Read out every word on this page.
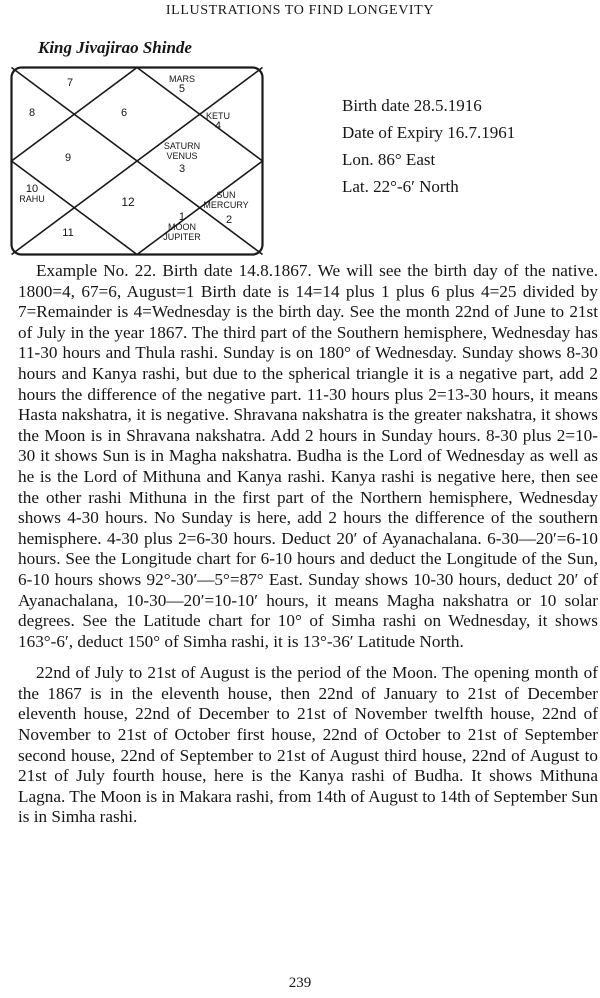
ILLUSTRATIONS TO FIND LONGEVITY
King Jivajirao Shinde
7	MARS
5
8	6	KETU
4
9
SATURN
VENUS
3
10
RAHU	12	SUN
MERCURY
2
11
1
MOON
JUPITER
Birth date 28.5.1916
Date of Expiry 16.7.1961
Lon. 86° East
Lat. 22°-6′ North

Example No. 22. Birth date 14.8.1867. We will see the birth day of the native. 1800=4, 67=6, August=1 Birth date is 14=14 plus 1 plus 6 plus 4=25 divided by 7=Remainder is 4=Wednesday is the birth day. See the month 22nd of June to 21st of July in the year 1867. The third part of the Southern hemisphere, Wednesday has 11-30 hours and Thula rashi. Sunday is on 180° of Wednesday. Sunday shows 8-30 hours and Kanya rashi, but due to the spherical triangle it is a negative part, add 2 hours the difference of the negative part. 11-30 hours plus 2=13-30 hours, it means Hasta nakshatra, it is negative. Shravana nakshatra is the greater nakshatra, it shows the Moon is in Shravana nakshatra. Add 2 hours in Sunday hours. 8-30 plus 2=10-30 it shows Sun is in Magha nakshatra. Budha is the Lord of Wednesday as well as he is the Lord of Mithuna and Kanya rashi. Kanya rashi is negative here, then see the other rashi Mithuna in the first part of the Northern hemisphere, Wednesday shows 4-30 hours. No Sunday is here, add 2 hours the difference of the southern hemisphere. 4-30 plus 2=6-30 hours. Deduct 20′ of Ayanachalana. 6-30—20′=6-10 hours. See the Longitude chart for 6-10 hours and deduct the Longitude of the Sun, 6-10 hours shows 92°-30′—5°=87° East. Sunday shows 10-30 hours, deduct 20′ of Ayanachalana, 10-30—20′=10-10′ hours, it means Magha nakshatra or 10 solar degrees. See the Latitude chart for 10° of Simha rashi on Wednesday, it shows 163°-6′, deduct 150° of Simha rashi, it is 13°-36′ Latitude North.

22nd of July to 21st of August is the period of the Moon. The opening month of the 1867 is in the eleventh house, then 22nd of January to 21st of December eleventh house, 22nd of December to 21st of November twelfth house, 22nd of November to 21st of October first house, 22nd of October to 21st of September second house, 22nd of September to 21st of August third house, 22nd of August to 21st of July fourth house, here is the Kanya rashi of Budha. It shows Mithuna Lagna. The Moon is in Makara rashi, from 14th of August to 14th of September Sun is in Simha rashi.

239
